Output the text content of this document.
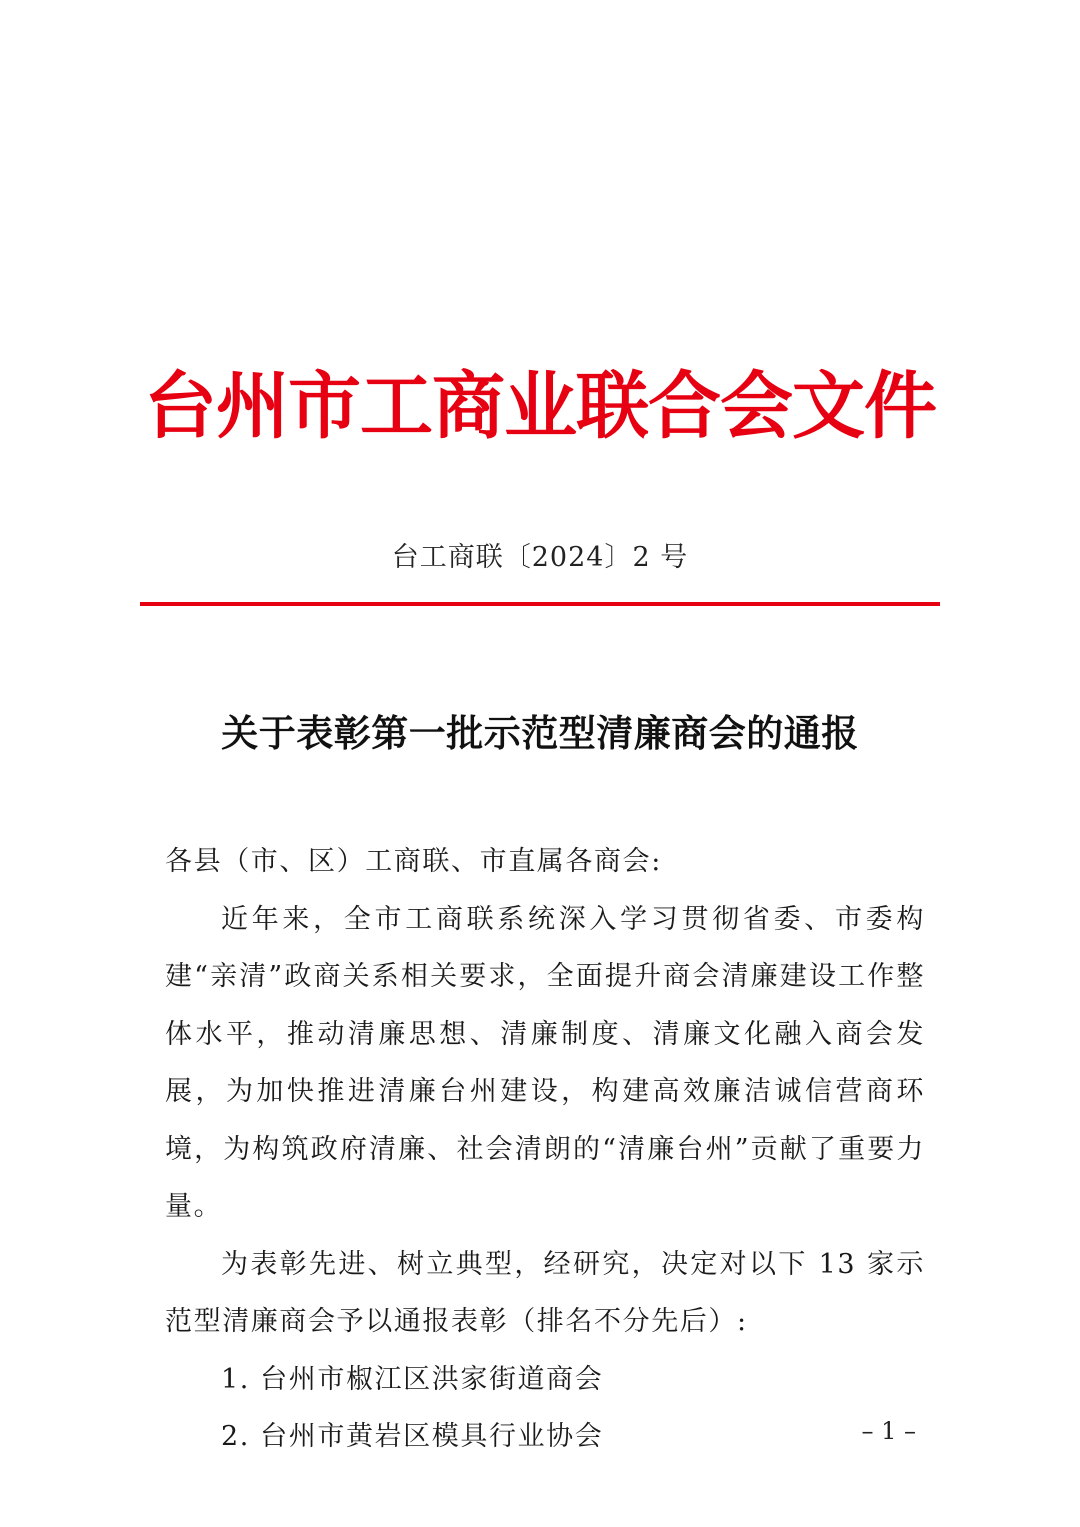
台州市工商业联合会文件
台工商联〔2024〕2 号
关于表彰第一批示范型清廉商会的通报

各县（市、区）工商联、市直属各商会:

近年来，全市工商联系统深入学习贯彻省委、市委构建“亲清”政商关系相关要求，全面提升商会清廉建设工作整体水平，推动清廉思想、清廉制度、清廉文化融入商会发展，为加快推进清廉台州建设，构建高效廉洁诚信营商环境，为构筑政府清廉、社会清朗的“清廉台州”贡献了重要力量。

为表彰先进、树立典型，经研究，决定对以下 13 家示范型清廉商会予以通报表彰（排名不分先后）:

1. 台州市椒江区洪家街道商会

2. 台州市黄岩区模具行业协会	– 1 –
